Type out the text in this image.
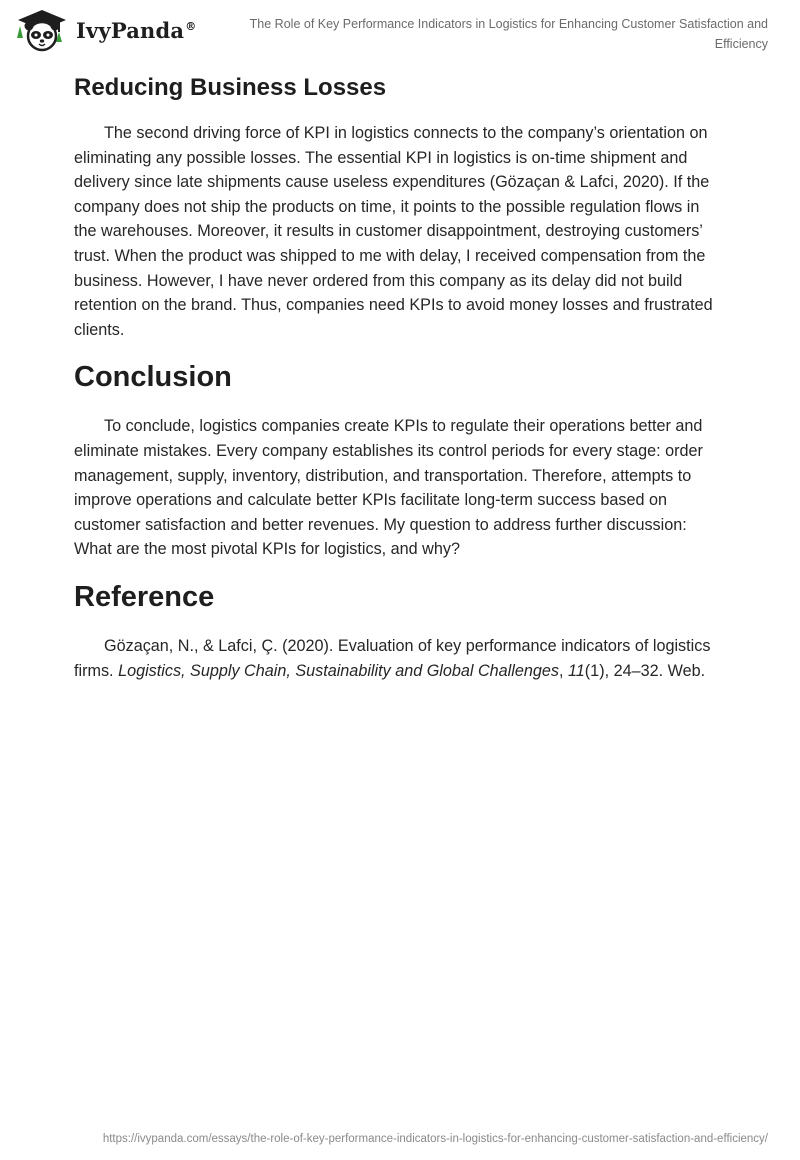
IvyPanda®	The Role of Key Performance Indicators in Logistics for Enhancing Customer Satisfaction and Efficiency
Reducing Business Losses

The second driving force of KPI in logistics connects to the company’s orientation on eliminating any possible losses. The essential KPI in logistics is on-time shipment and delivery since late shipments cause useless expenditures (Gözaçan & Lafci, 2020). If the company does not ship the products on time, it points to the possible regulation flows in the warehouses. Moreover, it results in customer disappointment, destroying customers’ trust. When the product was shipped to me with delay, I received compensation from the business. However, I have never ordered from this company as its delay did not build retention on the brand. Thus, companies need KPIs to avoid money losses and frustrated clients.

Conclusion

To conclude, logistics companies create KPIs to regulate their operations better and eliminate mistakes. Every company establishes its control periods for every stage: order management, supply, inventory, distribution, and transportation. Therefore, attempts to improve operations and calculate better KPIs facilitate long-term success based on customer satisfaction and better revenues. My question to address further discussion: What are the most pivotal KPIs for logistics, and why?

Reference

Gözaçan, N., & Lafci, Ç. (2020). Evaluation of key performance indicators of logistics firms. Logistics, Supply Chain, Sustainability and Global Challenges, 11(1), 24–32. Web.

https://ivypanda.com/essays/the-role-of-key-performance-indicators-in-logistics-for-enhancing-customer-satisfaction-and-efficiency/
